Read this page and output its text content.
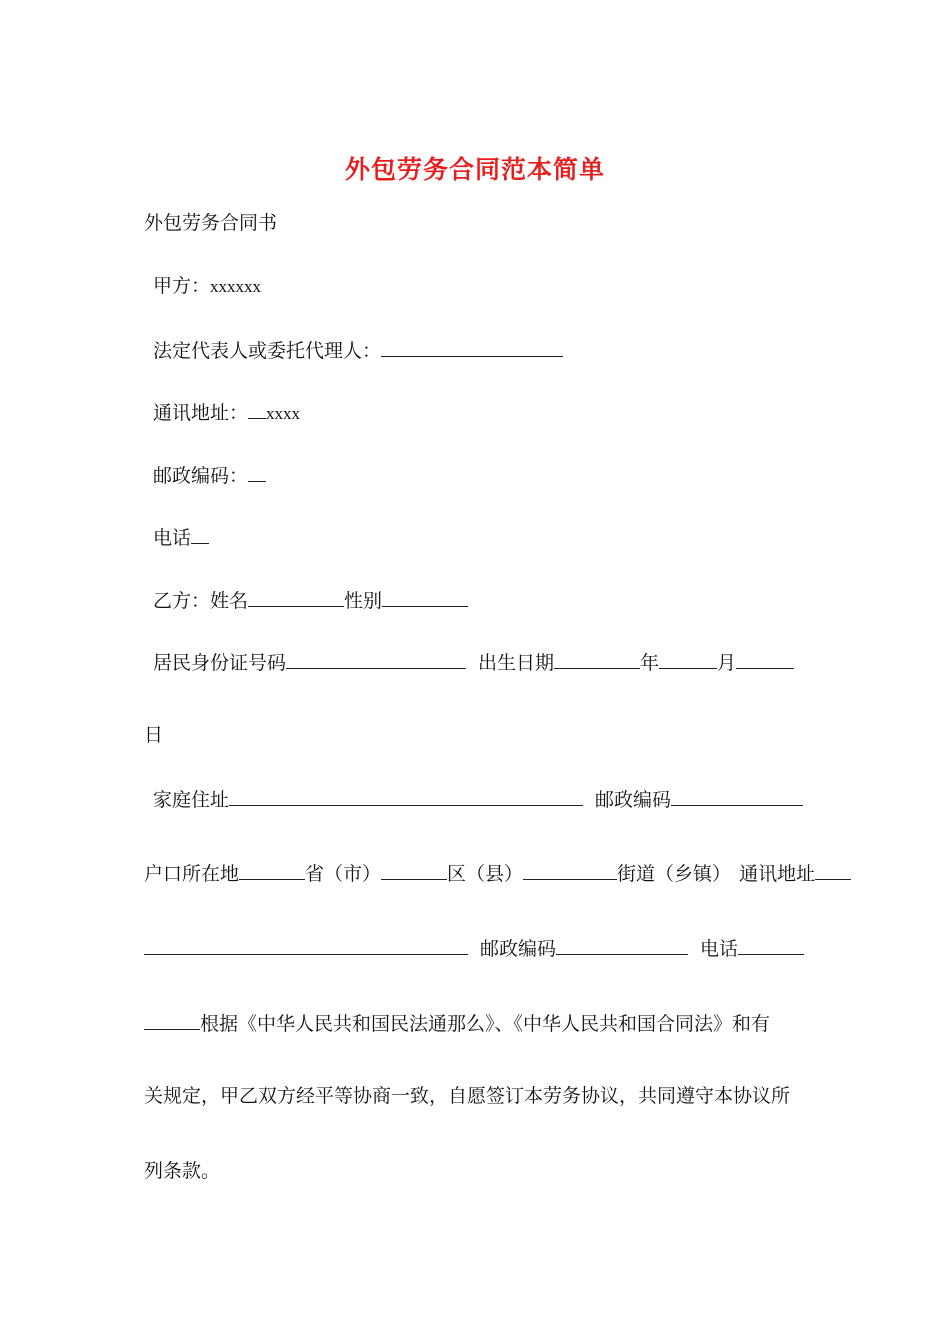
外包劳务合同范本简单
外包劳务合同书
甲方：xxxxxx
法定代表人或委托代理人：
通讯地址： xxxx
邮政编码：
电话
乙方：姓名	性别
居民身份证号码	出生日期	年	月
日
家庭住址	邮政编码
户口所在地	省（市）	区（县）	街道（乡镇） 通讯地址
邮政编码	电话
根据《中华人民共和国民法通那么》、《中华人民共和国合同法》和有
关规定，甲乙双方经平等协商一致，自愿签订本劳务协议，共同遵守本协议所
列条款。
